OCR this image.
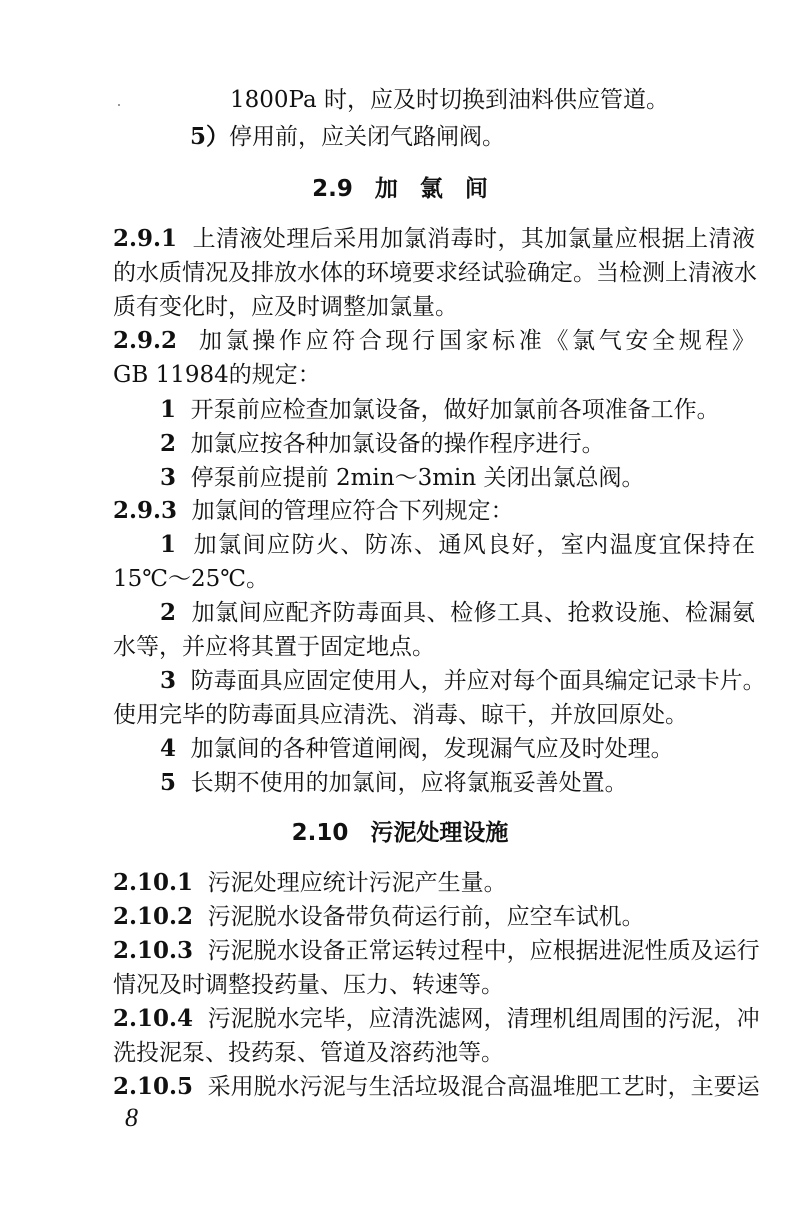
1800Pa 时，应及时切换到油料供应管道。
5）停用前，应关闭气路闸阀。
2.9 加 氯 间
2.9.1 上清液处理后采用加氯消毒时，其加氯量应根据上清液
的水质情况及排放水体的环境要求经试验确定。当检测上清液水
质有变化时，应及时调整加氯量。
2.9.2 加氯操作应符合现行国家标准《氯气安全规程》
GB 11984的规定：
1 开泵前应检查加氯设备，做好加氯前各项准备工作。
2 加氯应按各种加氯设备的操作程序进行。
3 停泵前应提前 2min～3min 关闭出氯总阀。
2.9.3 加氯间的管理应符合下列规定：
1 加氯间应防火、防冻、通风良好，室内温度宜保持在
15℃～25℃。
2 加氯间应配齐防毒面具、检修工具、抢救设施、检漏氨
水等，并应将其置于固定地点。
3 防毒面具应固定使用人，并应对每个面具编定记录卡片。
使用完毕的防毒面具应清洗、消毒、晾干，并放回原处。
4 加氯间的各种管道闸阀，发现漏气应及时处理。
5 长期不使用的加氯间，应将氯瓶妥善处置。
2.10 污泥处理设施
2.10.1 污泥处理应统计污泥产生量。
2.10.2 污泥脱水设备带负荷运行前，应空车试机。
2.10.3 污泥脱水设备正常运转过程中，应根据进泥性质及运行
情况及时调整投药量、压力、转速等。
2.10.4 污泥脱水完毕，应清洗滤网，清理机组周围的污泥，冲
洗投泥泵、投药泵、管道及溶药池等。
2.10.5 采用脱水污泥与生活垃圾混合高温堆肥工艺时，主要运
8
